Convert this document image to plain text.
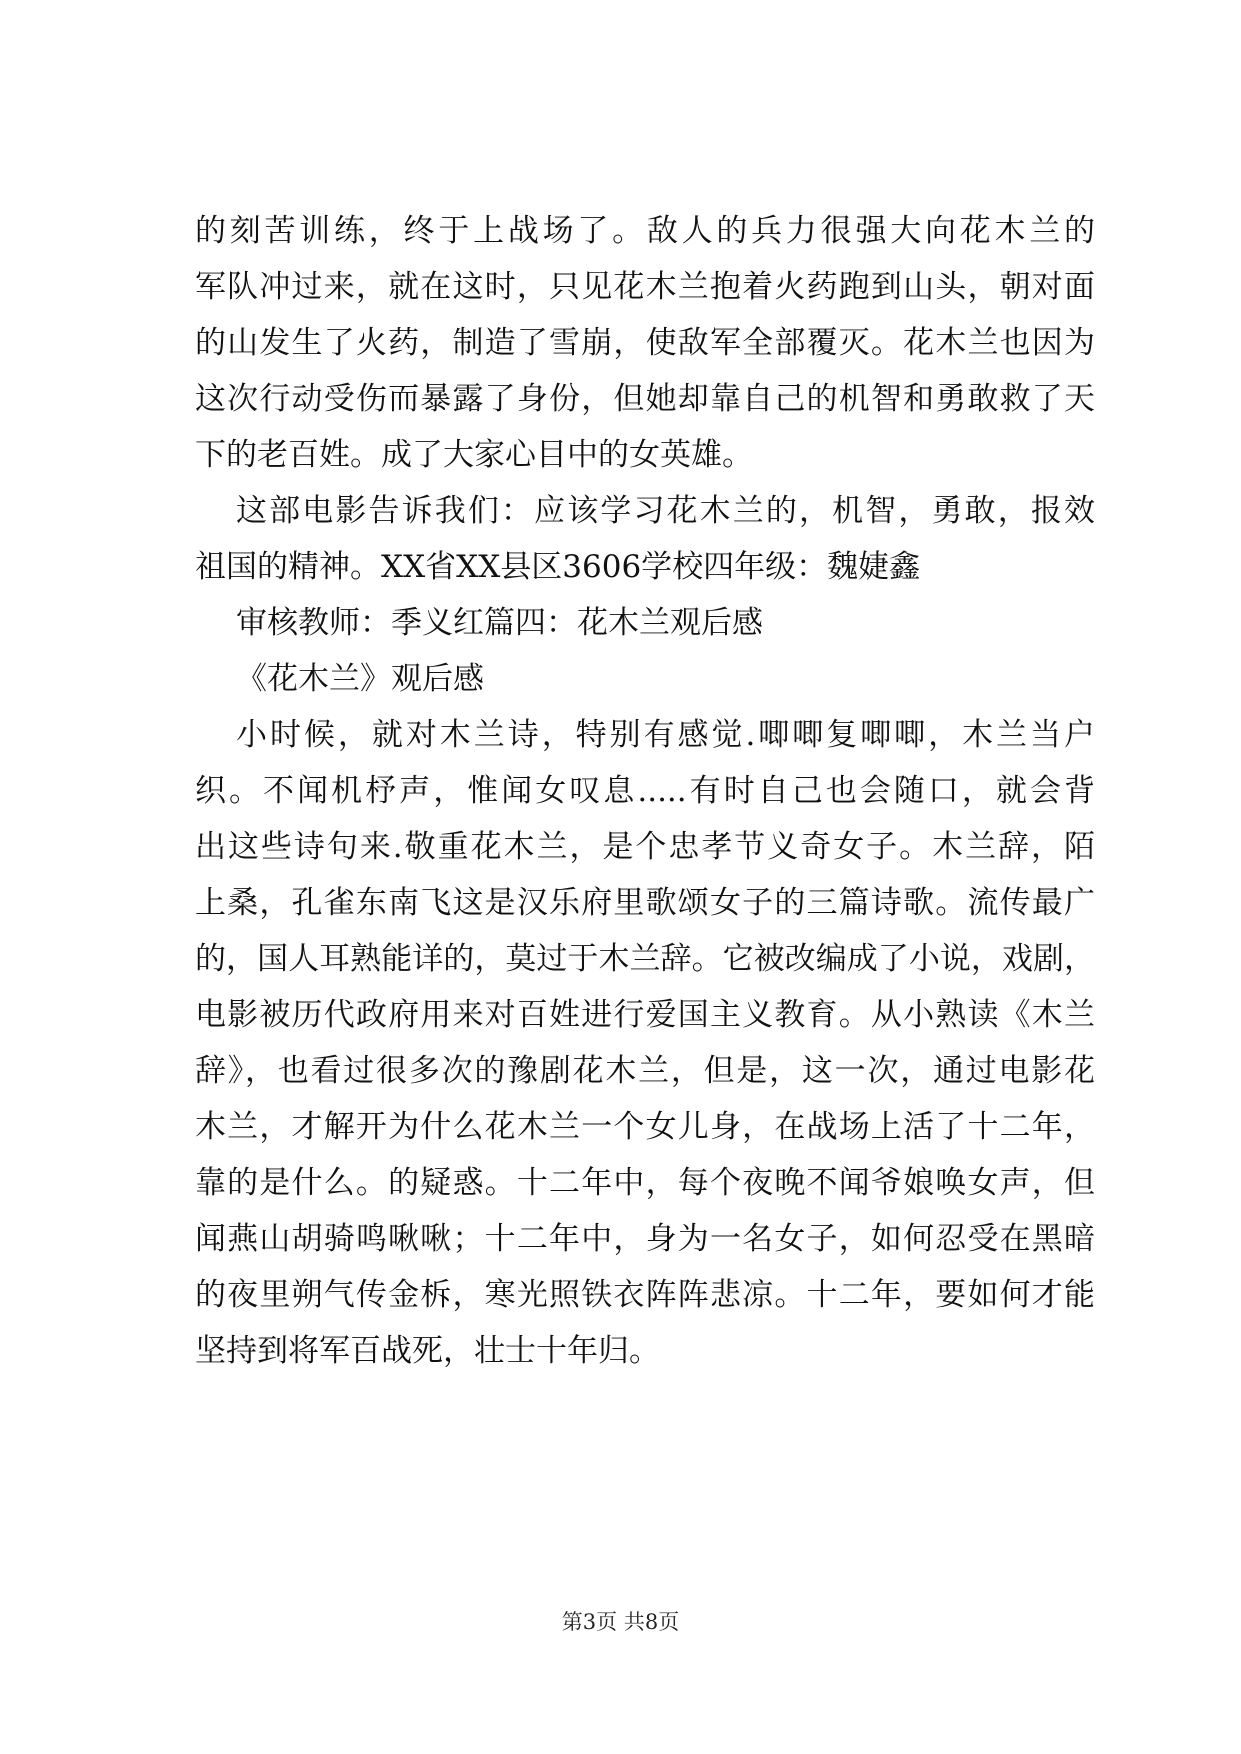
的刻苦训练，终于上战场了。敌人的兵力很强大向花木兰的
军队冲过来，就在这时，只见花木兰抱着火药跑到山头，朝对面
的山发生了火药，制造了雪崩，使敌军全部覆灭。花木兰也因为
这次行动受伤而暴露了身份，但她却靠自己的机智和勇敢救了天
下的老百姓。成了大家心目中的女英雄。
这部电影告诉我们：应该学习花木兰的，机智，勇敢，报效
祖国的精神。XX省XX县区3606学校四年级：魏婕鑫
审核教师：季义红篇四：花木兰观后感
《花木兰》观后感
小时候，就对木兰诗，特别有感觉.唧唧复唧唧，木兰当户
织。不闻机杼声，惟闻女叹息.....有时自己也会随口，就会背
出这些诗句来.敬重花木兰，是个忠孝节义奇女子。木兰辞，陌
上桑，孔雀东南飞这是汉乐府里歌颂女子的三篇诗歌。流传最广
的，国人耳熟能详的，莫过于木兰辞。它被改编成了小说，戏剧，
电影被历代政府用来对百姓进行爱国主义教育。从小熟读《木兰
辞》，也看过很多次的豫剧花木兰，但是，这一次，通过电影花
木兰，才解开为什么花木兰一个女儿身，在战场上活了十二年，
靠的是什么。的疑惑。十二年中，每个夜晚不闻爷娘唤女声，但
闻燕山胡骑鸣啾啾；十二年中，身为一名女子，如何忍受在黑暗
的夜里朔气传金柝，寒光照铁衣阵阵悲凉。十二年，要如何才能
坚持到将军百战死，壮士十年归。
第3页 共8页
